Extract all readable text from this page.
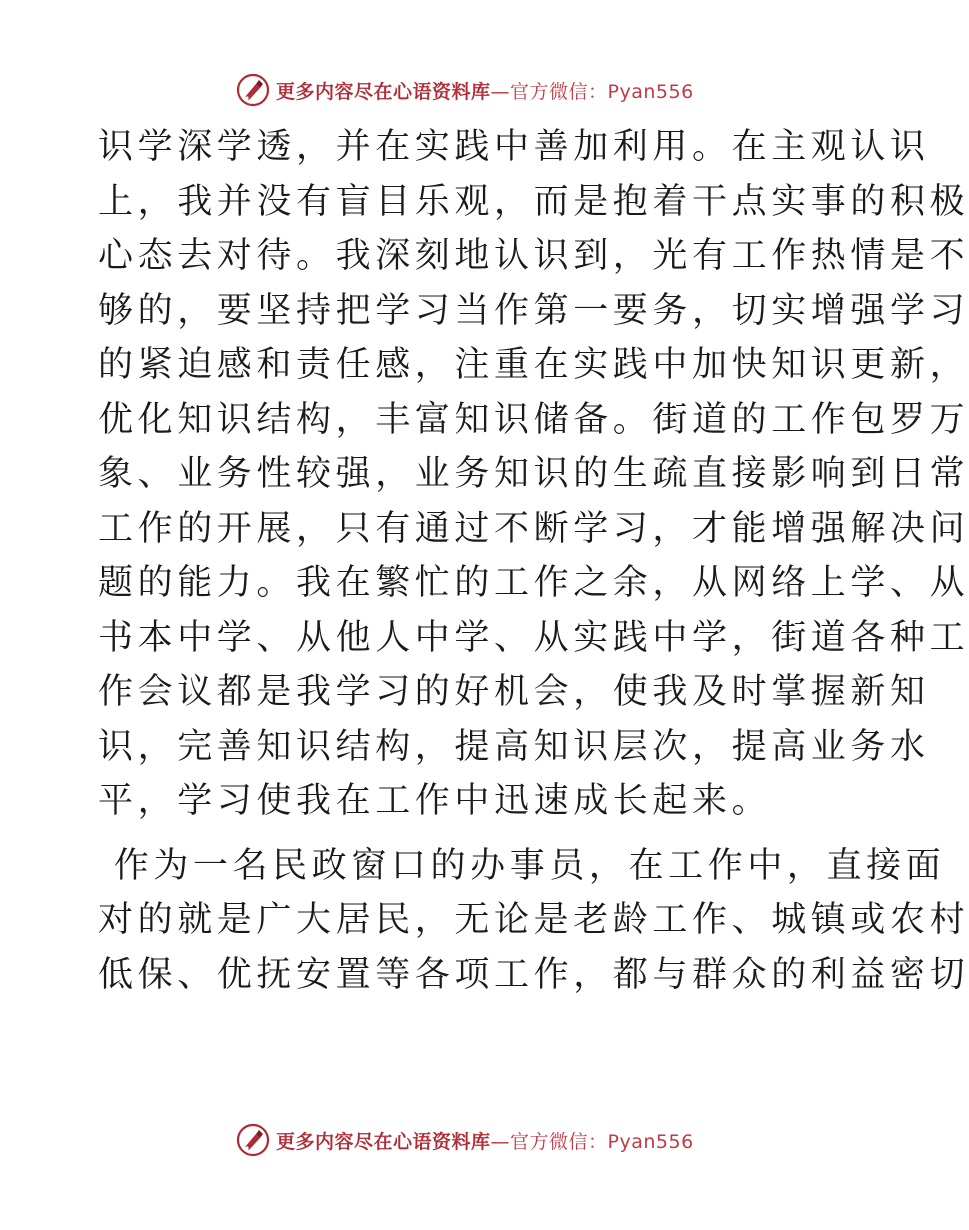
更多内容尽在心语资料库—官方微信：Pyan556
识学深学透，并在实践中善加利用。在主观认识
上，我并没有盲目乐观，而是抱着干点实事的积极
心态去对待。我深刻地认识到，光有工作热情是不
够的，要坚持把学习当作第一要务，切实增强学习
的紧迫感和责任感，注重在实践中加快知识更新，
优化知识结构，丰富知识储备。街道的工作包罗万
象、业务性较强，业务知识的生疏直接影响到日常
工作的开展，只有通过不断学习，才能增强解决问
题的能力。我在繁忙的工作之余，从网络上学、从
书本中学、从他人中学、从实践中学，街道各种工
作会议都是我学习的好机会，使我及时掌握新知
识，完善知识结构，提高知识层次，提高业务水
平，学习使我在工作中迅速成长起来。
作为一名民政窗口的办事员，在工作中，直接面
对的就是广大居民，无论是老龄工作、城镇或农村
低保、优抚安置等各项工作，都与群众的利益密切
更多内容尽在心语资料库—官方微信：Pyan556
